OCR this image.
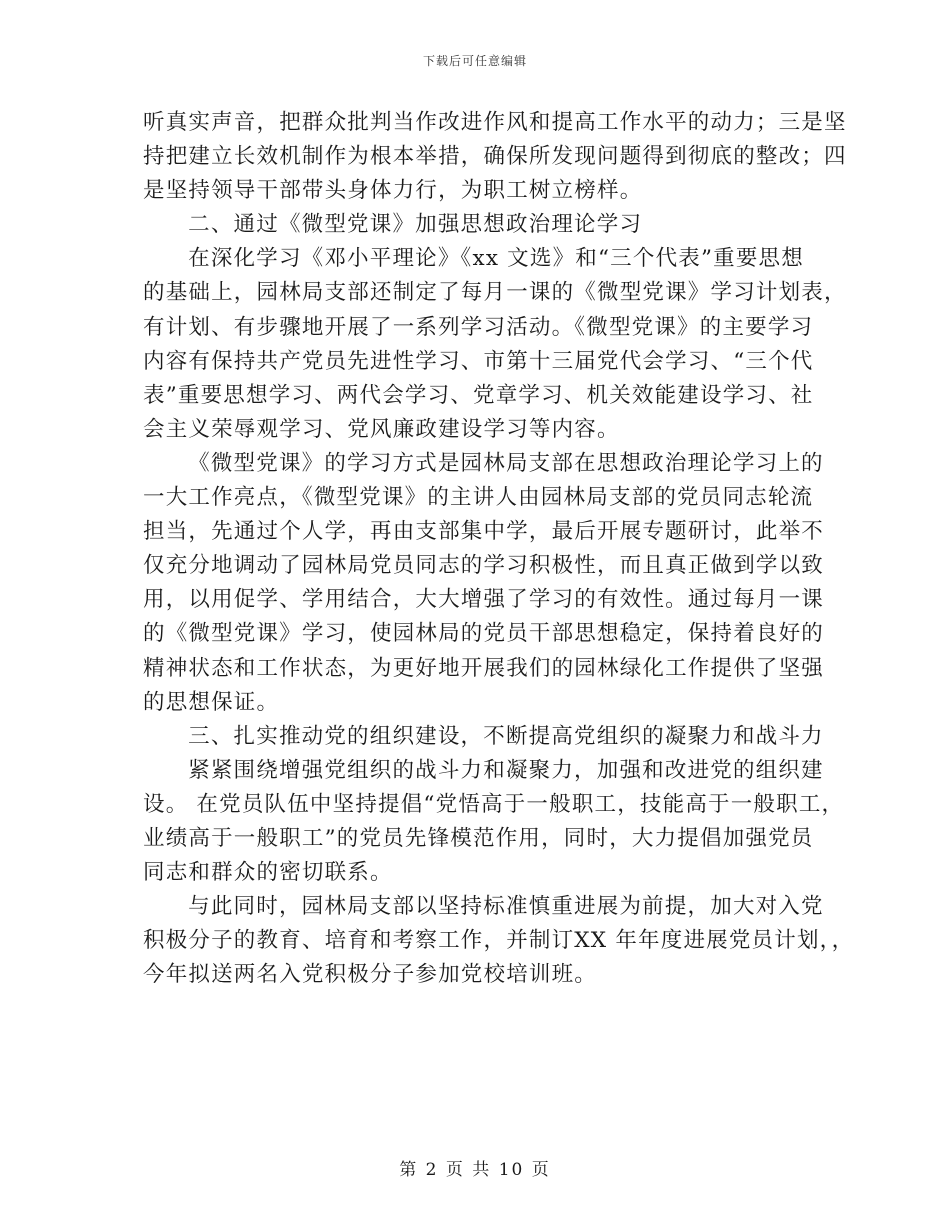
下载后可任意编辑
听真实声音，把群众批判当作改进作风和提高工作水平的动力；三是坚
持把建立长效机制作为根本举措，确保所发现问题得到彻底的整改；四
是坚持领导干部带头身体力行，为职工树立榜样。
二、通过《微型党课》加强思想政治理论学习
在深化学习《邓小平理论》《xx 文选》和“三个代表”重要思想
的基础上，园林局支部还制定了每月一课的《微型党课》学习计划表，
有计划、有步骤地开展了一系列学习活动。《微型党课》的主要学习
内容有保持共产党员先进性学习、市第十三届党代会学习、“三个代
表”重要思想学习、两代会学习、党章学习、机关效能建设学习、社
会主义荣辱观学习、党风廉政建设学习等内容。
《微型党课》的学习方式是园林局支部在思想政治理论学习上的
一大工作亮点，《微型党课》的主讲人由园林局支部的党员同志轮流
担当，先通过个人学，再由支部集中学，最后开展专题研讨，此举不
仅充分地调动了园林局党员同志的学习积极性，而且真正做到学以致
用，以用促学、学用结合，大大增强了学习的有效性。通过每月一课
的《微型党课》学习，使园林局的党员干部思想稳定，保持着良好的
精神状态和工作状态，为更好地开展我们的园林绿化工作提供了坚强
的思想保证。
三、扎实推动党的组织建设，不断提高党组织的凝聚力和战斗力
紧紧围绕增强党组织的战斗力和凝聚力，加强和改进党的组织建
设。 在党员队伍中坚持提倡“党悟高于一般职工，技能高于一般职工，
业绩高于一般职工”的党员先锋模范作用，同时，大力提倡加强党员
同志和群众的密切联系。
与此同时，园林局支部以坚持标准慎重进展为前提，加大对入党
积极分子的教育、培育和考察工作，并制订XX 年年度进展党员计划，，
今年拟送两名入党积极分子参加党校培训班。
第 2 页 共 10 页
